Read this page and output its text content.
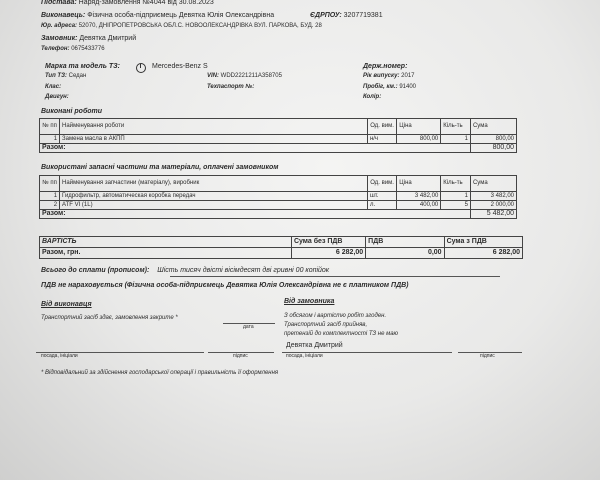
Підстава: Наряд-замовлення №4044 від 30.08.2023
Виконавець: Фізична особа-підприємець Девятка Юлія Олександрівна	ЄДРПОУ: 3207719381
Юр. адреса: 52070, ДНІПРОПЕТРОВСЬКА ОБЛ.С. НОВООЛЕКСАНДРІВКА ВУЛ. ПАРКОВА, БУД. 28
Замовник: Девятка Дмитрий
Телефон: 0675433776
Марка та модель ТЗ:	Mercedes-Benz S	Держ.номер:
Тип ТЗ: Седан	VIN: WDD2221211A358705	Рік випуску: 2017
Клас:	Техпаспорт №:	Пробіг, км.: 91400
Двигун:	Колір:
Виконані роботи
№ пп	Найменування роботи	Од. вим.	Ціна	Кіль-ть	Сума
1	Замена масла в АКПП	н/ч	800,00	1	800,00
Разом:					800,00
Використані запасні частини та матеріали, оплачені замовником
№ пп	Найменування запчастини (матеріалу), виробник	Од. вим.	Ціна	Кіль-ть	Сума
1	Гидрофильтр, автоматическая коробка передач	шт.	3 482,00	1	3 482,00
2	ATF VI (1L)	л.	400,00	5	2 000,00
Разом:					5 482,00
ВАРТІСТЬ	Сума без ПДВ	ПДВ	Сума з ПДВ
Разом, грн.	6 282,00	0,00	6 282,00
Всього до сплати (прописом): Шість тисяч двісті вісімдесят дві гривні 00 копійок
ПДВ не нараховується (Фізична особа-підприємець Девятка Юлія Олександрівна не є платником ПДВ)
Від виконавця
Транспортний засіб здає, замовлення закрите *
дата
посада, ініціали	підпис
Від замовника
З обсягом і вартістю робіт згоден.
Транспортний засіб прийняв,
претензій до комплектності ТЗ не маю
Девятка Дмитрий
посада, ініціали	підпис
* Відповідальний за здійснення господарської операції і правильність її оформлення
